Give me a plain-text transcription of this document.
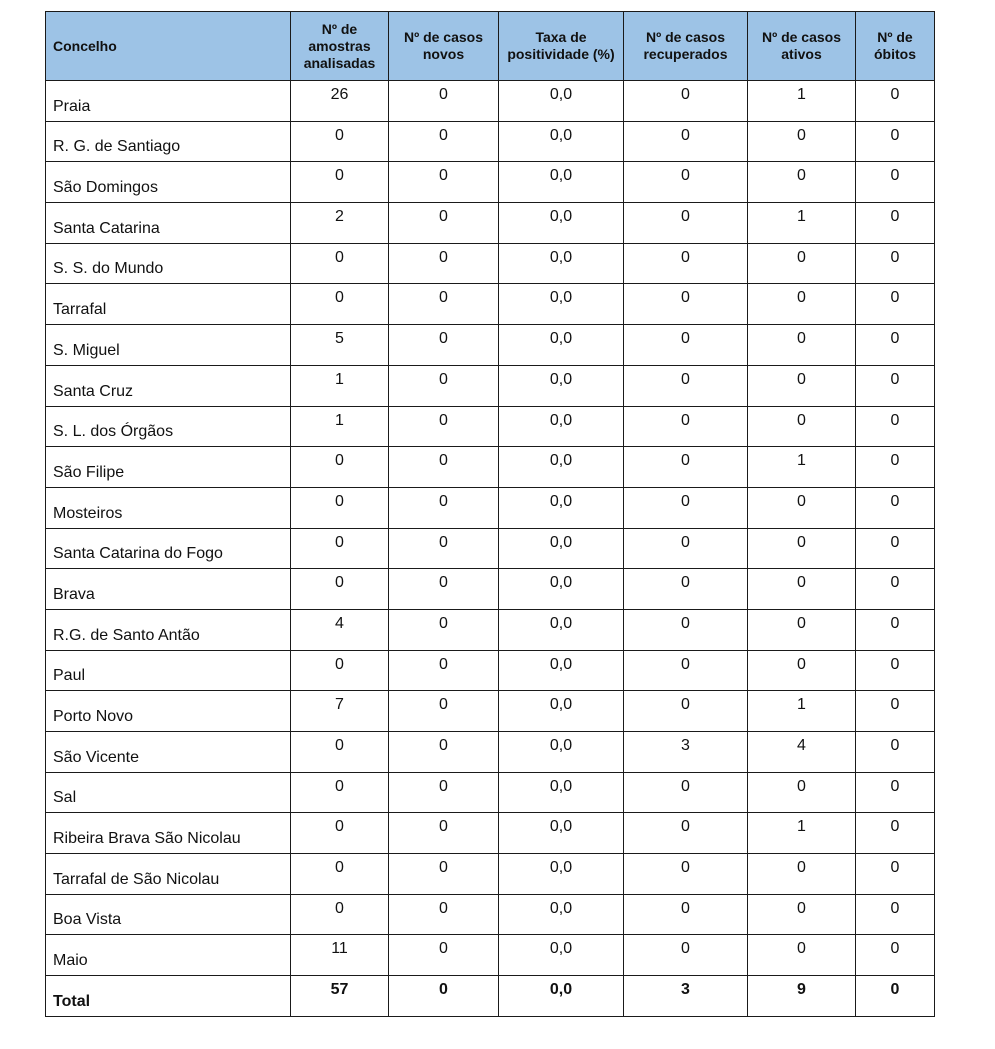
Concelho	Nº de amostras analisadas	Nº de casos novos	Taxa de positividade (%)	Nº de casos recuperados	Nº de casos ativos	Nº de óbitos
Praia	26	0	0,0	0	1	0
R. G. de Santiago	0	0	0,0	0	0	0
São Domingos	0	0	0,0	0	0	0
Santa Catarina	2	0	0,0	0	1	0
S. S. do Mundo	0	0	0,0	0	0	0
Tarrafal	0	0	0,0	0	0	0
S. Miguel	5	0	0,0	0	0	0
Santa Cruz	1	0	0,0	0	0	0
S. L. dos Órgãos	1	0	0,0	0	0	0
São Filipe	0	0	0,0	0	1	0
Mosteiros	0	0	0,0	0	0	0
Santa Catarina do Fogo	0	0	0,0	0	0	0
Brava	0	0	0,0	0	0	0
R.G. de Santo Antão	4	0	0,0	0	0	0
Paul	0	0	0,0	0	0	0
Porto Novo	7	0	0,0	0	1	0
São Vicente	0	0	0,0	3	4	0
Sal	0	0	0,0	0	0	0
Ribeira Brava São Nicolau	0	0	0,0	0	1	0
Tarrafal de São Nicolau	0	0	0,0	0	0	0
Boa Vista	0	0	0,0	0	0	0
Maio	11	0	0,0	0	0	0
Total	57	0	0,0	3	9	0
